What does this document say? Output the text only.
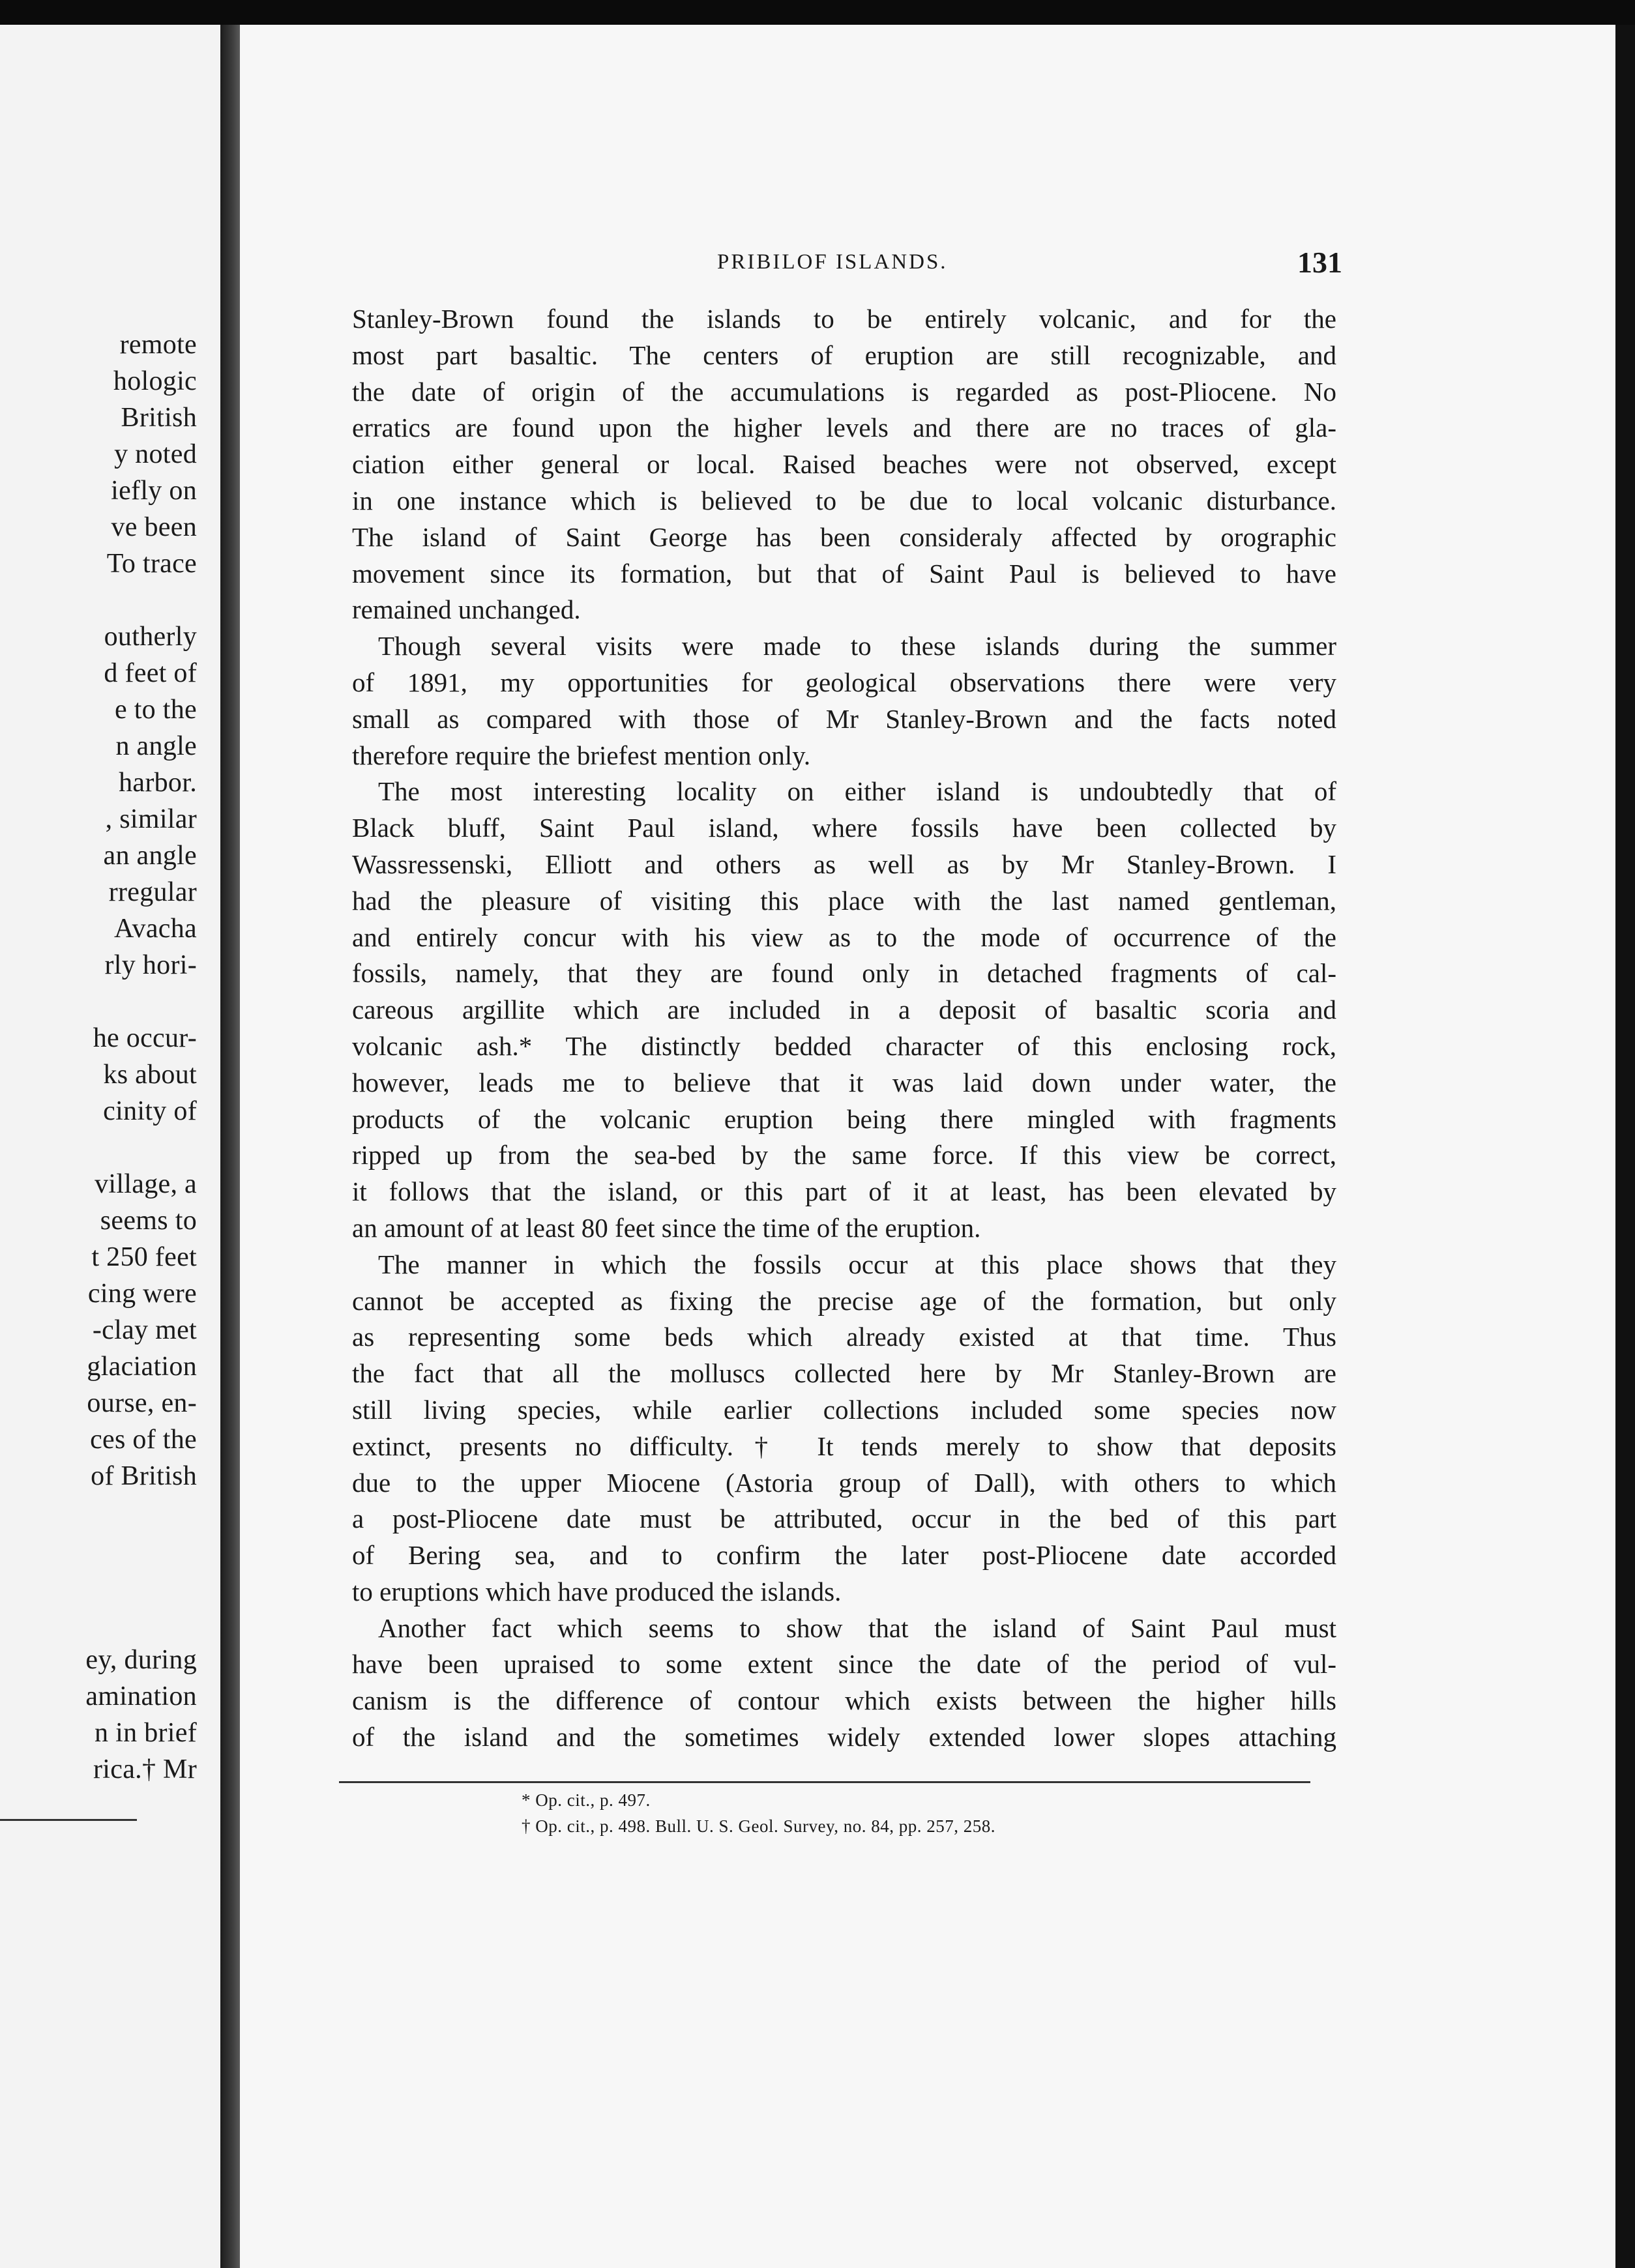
remote
hologic
British
y noted
iefly on
ve been
To trace
outherly
d feet of
e to the
n angle
harbor.
, similar
an angle
rregular
Avacha
rly hori-
he occur-
ks about
cinity of
village, a
seems to
t 250 feet
cing were
-clay met
glaciation
ourse, en-
ces of the
of British
ey, during
amination
n in brief
rica.† Mr
PRIBILOF ISLANDS.	131
Stanley-Brown found the islands to be entirely volcanic, and for the
most part basaltic. The centers of eruption are still recognizable, and
the date of origin of the accumulations is regarded as post-Pliocene. No
erratics are found upon the higher levels and there are no traces of gla-
ciation either general or local. Raised beaches were not observed, except
in one instance which is believed to be due to local volcanic disturbance.
The island of Saint George has been consideraly affected by orographic
movement since its formation, but that of Saint Paul is believed to have
remained unchanged.
Though several visits were made to these islands during the summer
of 1891, my opportunities for geological observations there were very
small as compared with those of Mr Stanley-Brown and the facts noted
therefore require the briefest mention only.
The most interesting locality on either island is undoubtedly that of
Black bluff, Saint Paul island, where fossils have been collected by
Wassressenski, Elliott and others as well as by Mr Stanley-Brown. I
had the pleasure of visiting this place with the last named gentleman,
and entirely concur with his view as to the mode of occurrence of the
fossils, namely, that they are found only in detached fragments of cal-
careous argillite which are included in a deposit of basaltic scoria and
volcanic ash.* The distinctly bedded character of this enclosing rock,
however, leads me to believe that it was laid down under water, the
products of the volcanic eruption being there mingled with fragments
ripped up from the sea-bed by the same force. If this view be correct,
it follows that the island, or this part of it at least, has been elevated by
an amount of at least 80 feet since the time of the eruption.
The manner in which the fossils occur at this place shows that they
cannot be accepted as fixing the precise age of the formation, but only
as representing some beds which already existed at that time. Thus
the fact that all the molluscs collected here by Mr Stanley-Brown are
still living species, while earlier collections included some species now
extinct, presents no difficulty.† It tends merely to show that deposits
due to the upper Miocene (Astoria group of Dall), with others to which
a post-Pliocene date must be attributed, occur in the bed of this part
of Bering sea, and to confirm the later post-Pliocene date accorded
to eruptions which have produced the islands.
Another fact which seems to show that the island of Saint Paul must
have been upraised to some extent since the date of the period of vul-
canism is the difference of contour which exists between the higher hills
of the island and the sometimes widely extended lower slopes attaching
* Op. cit., p. 497.
† Op. cit., p. 498. Bull. U. S. Geol. Survey, no. 84, pp. 257, 258.
